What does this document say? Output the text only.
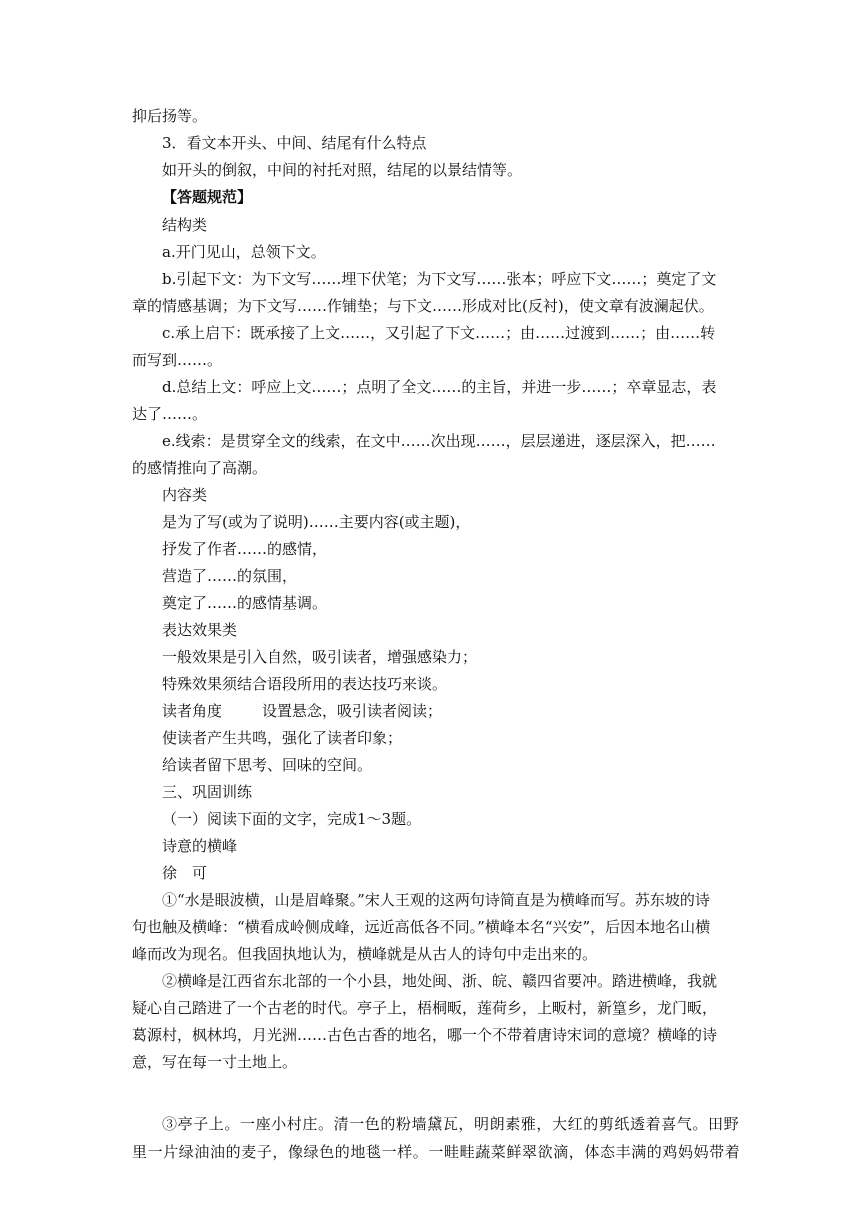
抑后扬等。
3．看文本开头、中间、结尾有什么特点
如开头的倒叙，中间的衬托对照，结尾的以景结情等。
【答题规范】
结构类
a.开门见山，总领下文。
b.引起下文：为下文写……埋下伏笔；为下文写……张本；呼应下文……；奠定了文
章的情感基调；为下文写……作铺垫；与下文……形成对比(反衬)，使文章有波澜起伏。
c.承上启下：既承接了上文……，又引起了下文……；由……过渡到……；由……转
而写到……。
d.总结上文：呼应上文……；点明了全文……的主旨，并进一步……；卒章显志，表
达了……。
e.线索：是贯穿全文的线索，在文中……次出现……，层层递进，逐层深入，把……
的感情推向了高潮。
内容类
是为了写(或为了说明)……主要内容(或主题)，
抒发了作者……的感情，
营造了……的氛围，
奠定了……的感情基调。
表达效果类
一般效果是引入自然，吸引读者，增强感染力；
特殊效果须结合语段所用的表达技巧来谈。
读者角度	设置悬念，吸引读者阅读；
使读者产生共鸣，强化了读者印象；
给读者留下思考、回味的空间。
三、巩固训练
（一）阅读下面的文字，完成1～3题。
诗意的横峰
徐　可
①“水是眼波横，山是眉峰聚。”宋人王观的这两句诗简直是为横峰而写。苏东坡的诗
句也触及横峰：“横看成岭侧成峰，远近高低各不同。”横峰本名“兴安”，后因本地名山横
峰而改为现名。但我固执地认为，横峰就是从古人的诗句中走出来的。
②横峰是江西省东北部的一个小县，地处闽、浙、皖、赣四省要冲。踏进横峰，我就
疑心自己踏进了一个古老的时代。亭子上，梧桐畈，莲荷乡，上畈村，新篁乡，龙门畈，
葛源村，枫林坞，月光洲……古色古香的地名，哪一个不带着唐诗宋词的意境？横峰的诗
意，写在每一寸土地上。
③亭子上。一座小村庄。清一色的粉墙黛瓦，明朗素雅，大红的剪纸透着喜气。田野
里一片绿油油的麦子，像绿色的地毯一样。一畦畦蔬菜鲜翠欲滴，体态丰满的鸡妈妈带着
